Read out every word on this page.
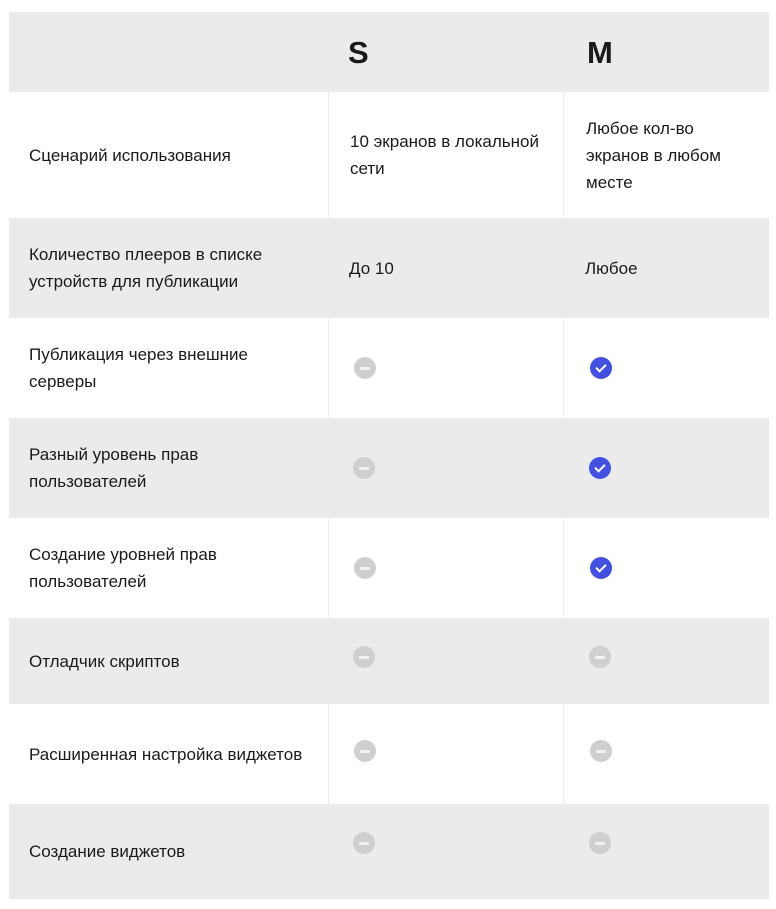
S	M
Сценарий использования
10 экранов в локальной сети
Любое кол-во экранов в любом месте
Количество плееров в списке устройств для публикации
До 10	Любое
Публикация через внешние серверы
Разный уровень прав пользователей
Создание уровней прав пользователей
Отладчик скриптов
Расширенная настройка виджетов
Создание виджетов
